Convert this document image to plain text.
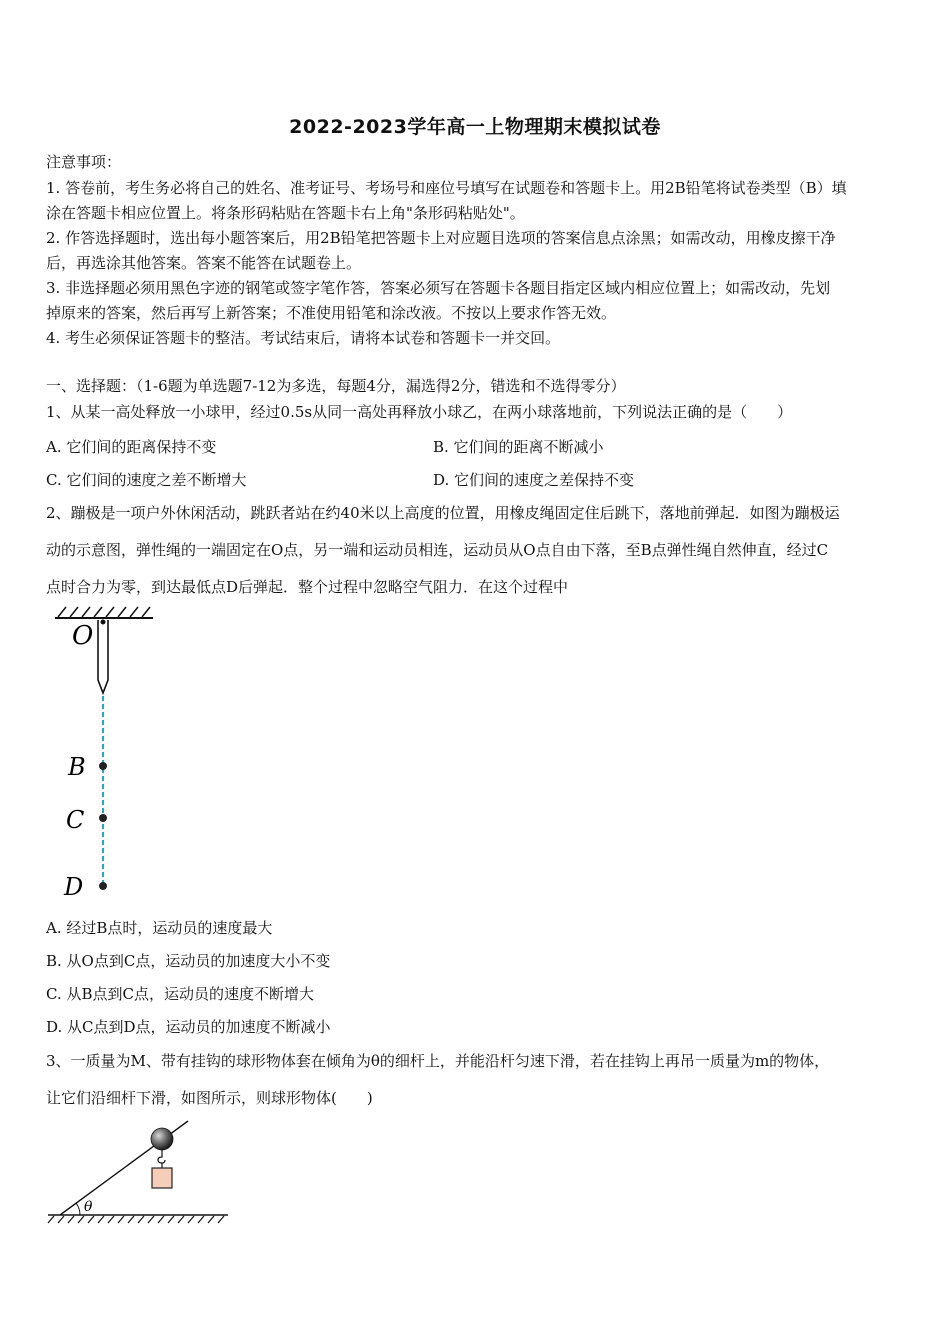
2022-2023学年高一上物理期末模拟试卷
注意事项：
1. 答卷前，考生务必将自己的姓名、准考证号、考场号和座位号填写在试题卷和答题卡上。用2B铅笔将试卷类型（B）填
涂在答题卡相应位置上。将条形码粘贴在答题卡右上角"条形码粘贴处"。
2. 作答选择题时，选出每小题答案后，用2B铅笔把答题卡上对应题目选项的答案信息点涂黑；如需改动，用橡皮擦干净
后，再选涂其他答案。答案不能答在试题卷上。
3. 非选择题必须用黑色字迹的钢笔或签字笔作答，答案必须写在答题卡各题目指定区域内相应位置上；如需改动，先划
掉原来的答案，然后再写上新答案；不准使用铅笔和涂改液。不按以上要求作答无效。
4. 考生必须保证答题卡的整洁。考试结束后，请将本试卷和答题卡一并交回。
一、选择题：（1-6题为单选题7-12为多选，每题4分，漏选得2分，错选和不选得零分）
1、从某一高处释放一小球甲，经过0.5s从同一高处再释放小球乙，在两小球落地前，下列说法正确的是（　　）
A. 它们间的距离保持不变	B. 它们间的距离不断减小
C. 它们间的速度之差不断增大	D. 它们间的速度之差保持不变
2、蹦极是一项户外休闲活动，跳跃者站在约40米以上高度的位置，用橡皮绳固定住后跳下，落地前弹起．如图为蹦极运
动的示意图，弹性绳的一端固定在O点，另一端和运动员相连，运动员从O点自由下落，至B点弹性绳自然伸直，经过C
点时合力为零，到达最低点D后弹起．整个过程中忽略空气阻力．在这个过程中
O
B
C
D
A. 经过B点时，运动员的速度最大
B. 从O点到C点，运动员的加速度大小不变
C. 从B点到C点，运动员的速度不断增大
D. 从C点到D点，运动员的加速度不断减小
3、一质量为M、带有挂钩的球形物体套在倾角为θ的细杆上，并能沿杆匀速下滑，若在挂钩上再吊一质量为m的物体，
让它们沿细杆下滑，如图所示，则球形物体(　　)
θ
